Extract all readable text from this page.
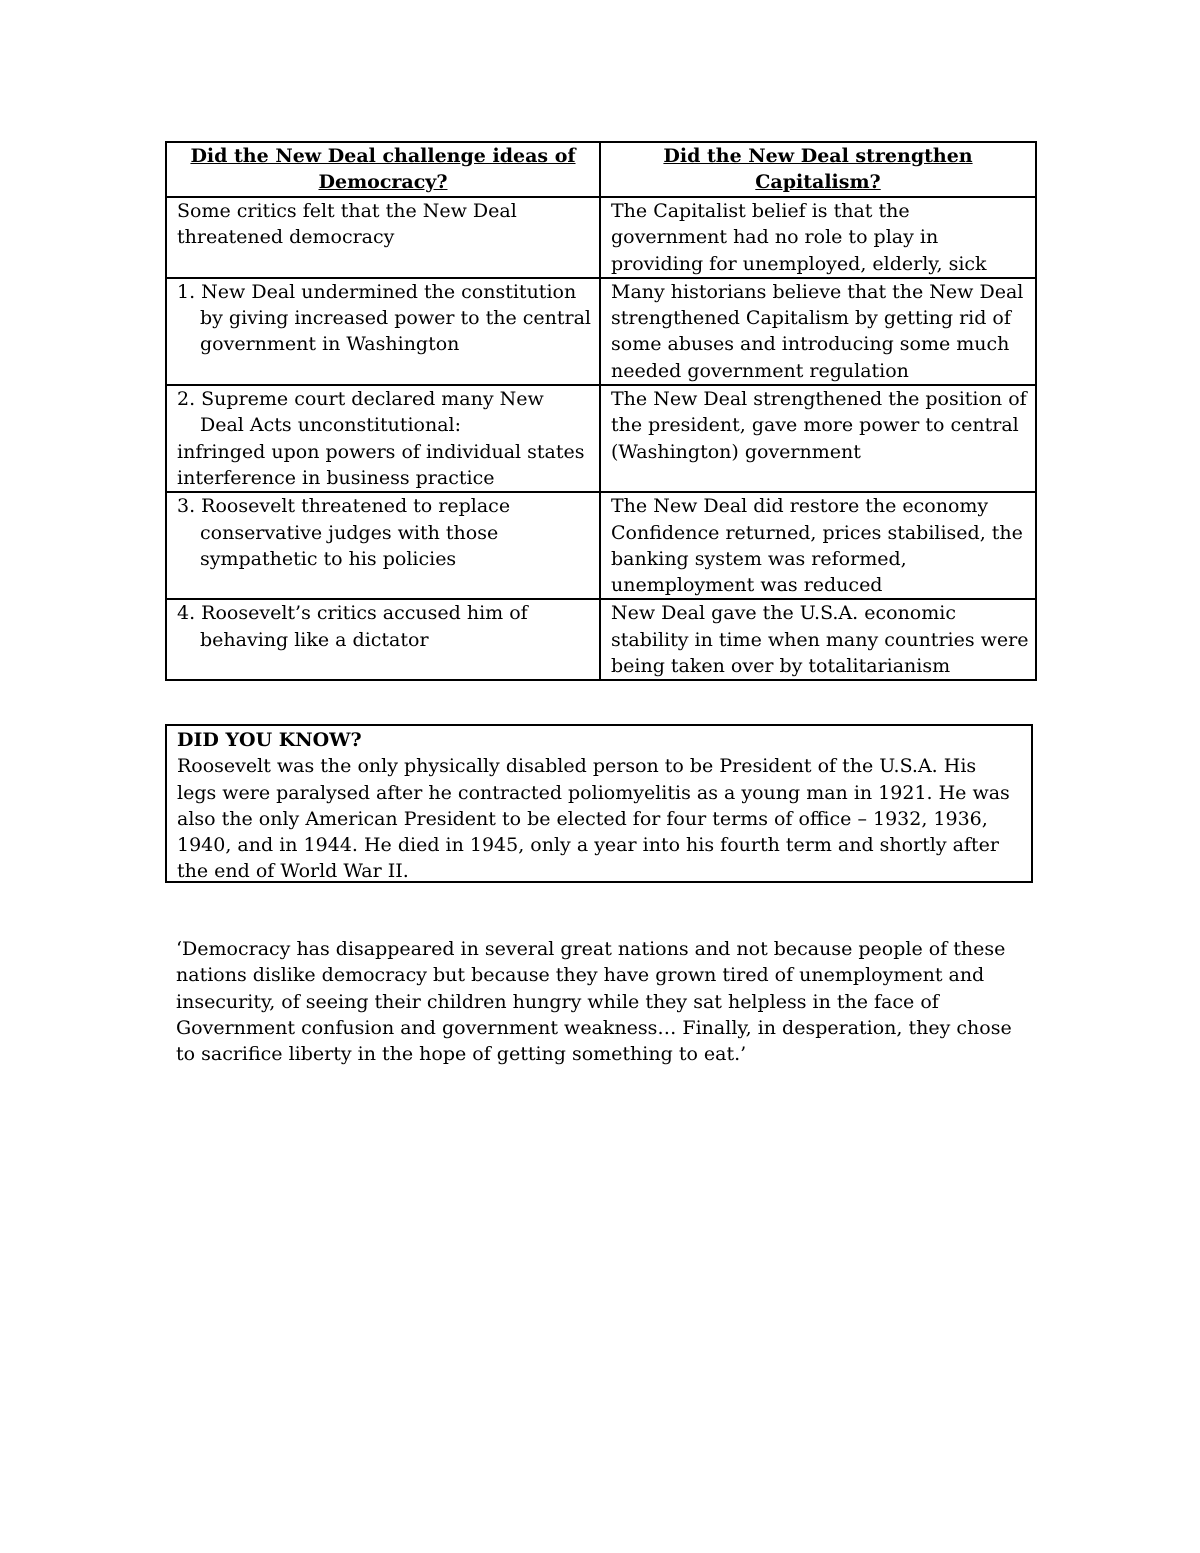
Did the New Deal challenge ideas of Democracy?	Did the New Deal strengthen Capitalism?
Some critics felt that the New Deal threatened democracy	The Capitalist belief is that the government had no role to play in providing for unemployed, elderly, sick

1. New Deal undermined the constitution by giving increased power to the central government in Washington	Many historians believe that the New Deal strengthened Capitalism by getting rid of some abuses and introducing some much needed government regulation

2. Supreme court declared many New Deal Acts unconstitutional:
infringed upon powers of individual states
interference in business practice	The New Deal strengthened the position of the president, gave more power to central (Washington) government

3. Roosevelt threatened to replace conservative judges with those sympathetic to his policies	The New Deal did restore the economy Confidence returned, prices stabilised, the banking system was reformed, unemployment was reduced

4. Roosevelt’s critics accused him of behaving like a dictator	New Deal gave the U.S.A. economic stability in time when many countries were being taken over by totalitarianism
DID YOU KNOW?
Roosevelt was the only physically disabled person to be President of the U.S.A. His legs were paralysed after he contracted poliomyelitis as a young man in 1921. He was also the only American President to be elected for four terms of office – 1932, 1936, 1940, and in 1944. He died in 1945, only a year into his fourth term and shortly after the end of World War II.

‘Democracy has disappeared in several great nations and not because people of these nations dislike democracy but because they have grown tired of unemployment and insecurity, of seeing their children hungry while they sat helpless in the face of Government confusion and government weakness… Finally, in desperation, they chose to sacrifice liberty in the hope of getting something to eat.’
